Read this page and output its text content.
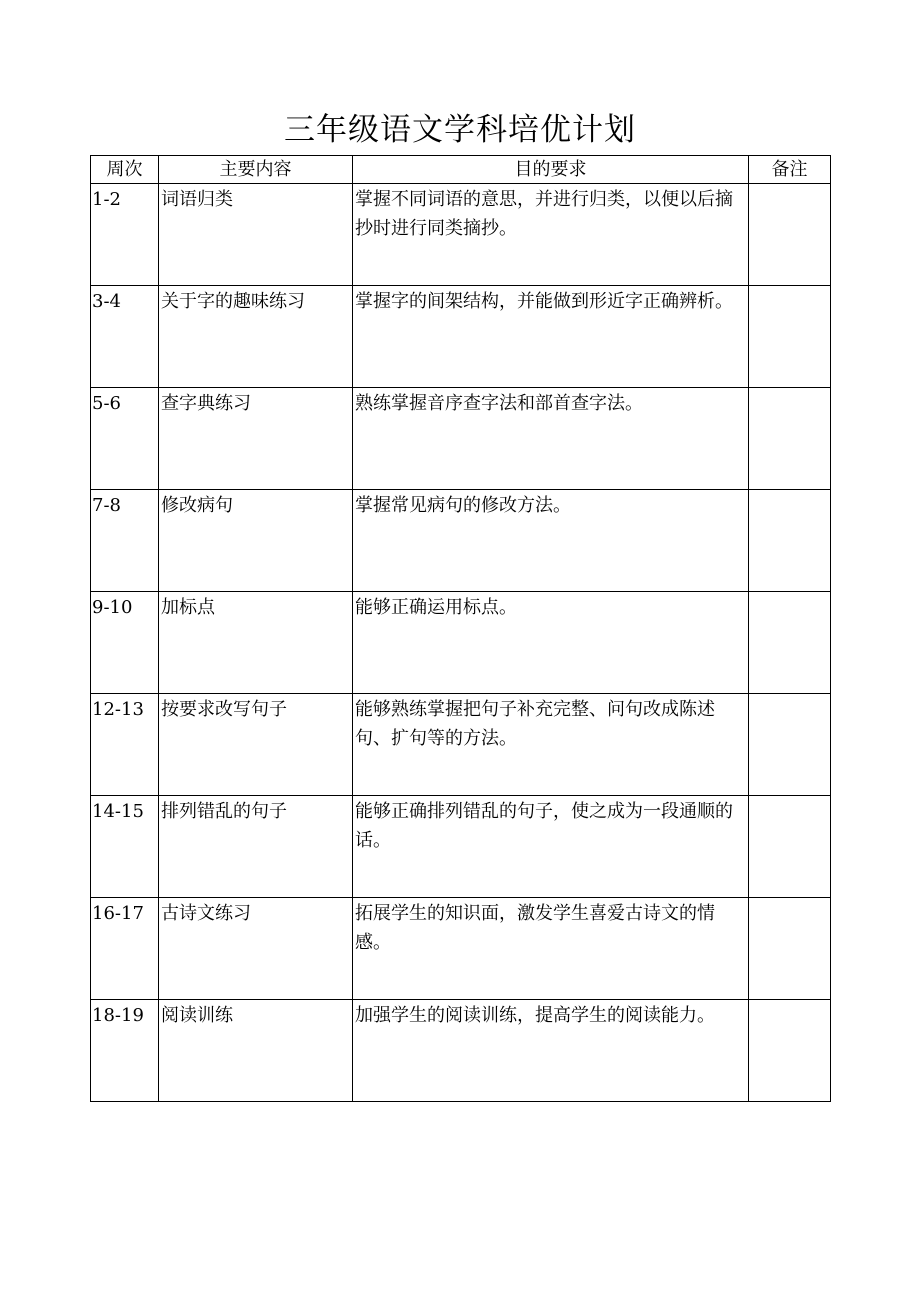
三年级语文学科培优计划
周次	主要内容	目的要求	备注
1-2	词语归类	掌握不同词语的意思，并进行归类，以便以后摘抄时进行同类摘抄。	

3-4	关于字的趣味练习	掌握字的间架结构，并能做到形近字正确辨析。	

5-6	查字典练习	熟练掌握音序查字法和部首查字法。	

7-8	修改病句	掌握常见病句的修改方法。	

9-10	加标点	能够正确运用标点。	

12-13	按要求改写句子	能够熟练掌握把句子补充完整、问句改成陈述句、扩句等的方法。	

14-15	排列错乱的句子	能够正确排列错乱的句子，使之成为一段通顺的话。	

16-17	古诗文练习	拓展学生的知识面，激发学生喜爱古诗文的情感。	

18-19	阅读训练	加强学生的阅读训练，提高学生的阅读能力。	
